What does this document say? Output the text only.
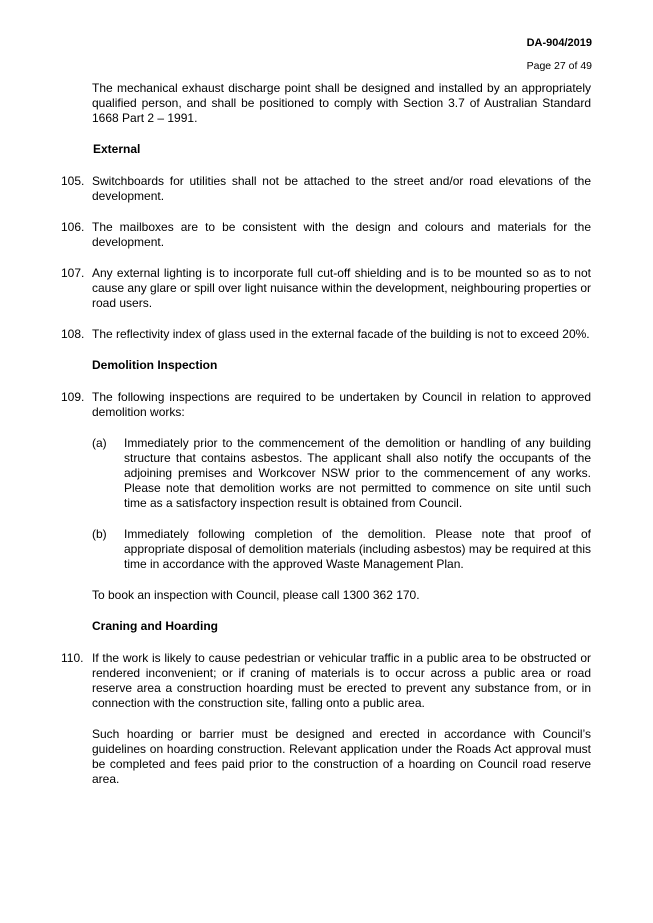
DA-904/2019
Page 27 of 49

The mechanical exhaust discharge point shall be designed and installed by an appropriately qualified person, and shall be positioned to comply with Section 3.7 of Australian Standard 1668 Part 2 – 1991.

External

105. Switchboards for utilities shall not be attached to the street and/or road elevations of the development.
106. The mailboxes are to be consistent with the design and colours and materials for the development.
107. Any external lighting is to incorporate full cut-off shielding and is to be mounted so as to not cause any glare or spill over light nuisance within the development, neighbouring properties or road users.
108. The reflectivity index of glass used in the external facade of the building is not to exceed 20%.

Demolition Inspection

109. The following inspections are required to be undertaken by Council in relation to approved demolition works:

(a)	Immediately prior to the commencement of the demolition or handling of any building structure that contains asbestos. The applicant shall also notify the occupants of the adjoining premises and Workcover NSW prior to the commencement of any works. Please note that demolition works are not permitted to commence on site until such time as a satisfactory inspection result is obtained from Council.
(b)	Immediately following completion of the demolition. Please note that proof of appropriate disposal of demolition materials (including asbestos) may be required at this time in accordance with the approved Waste Management Plan.

To book an inspection with Council, please call 1300 362 170.

Craning and Hoarding

110. If the work is likely to cause pedestrian or vehicular traffic in a public area to be obstructed or rendered inconvenient; or if craning of materials is to occur across a public area or road reserve area a construction hoarding must be erected to prevent any substance from, or in connection with the construction site, falling onto a public area.

Such hoarding or barrier must be designed and erected in accordance with Council’s guidelines on hoarding construction. Relevant application under the Roads Act approval must be completed and fees paid prior to the construction of a hoarding on Council road reserve area.
